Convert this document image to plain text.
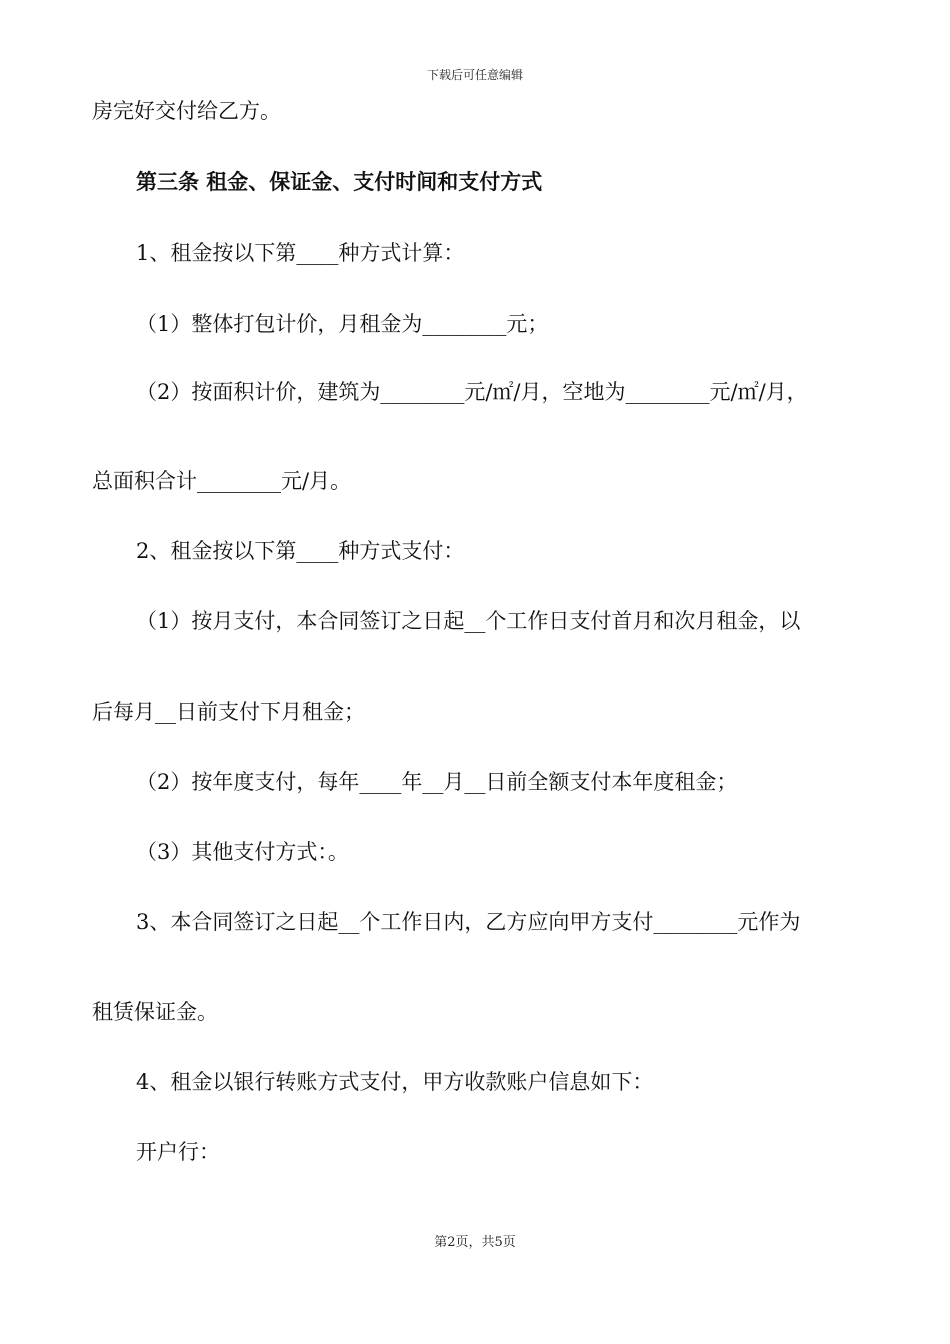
下载后可任意编辑
房完好交付给乙方。
第三条 租金、保证金、支付时间和支付方式
1、租金按以下第____种方式计算：
（1）整体打包计价，月租金为________元；
（2）按面积计价，建筑为________元/㎡/月，空地为________元/㎡/月，
总面积合计________元/月。
2、租金按以下第____种方式支付：
（1）按月支付，本合同签订之日起__个工作日支付首月和次月租金，以
后每月__日前支付下月租金；
（2）按年度支付，每年____年__月__日前全额支付本年度租金；
（3）其他支付方式：。
3、本合同签订之日起__个工作日内，乙方应向甲方支付________元作为
租赁保证金。
4、租金以银行转账方式支付，甲方收款账户信息如下：
开户行：
第2页，共5页
